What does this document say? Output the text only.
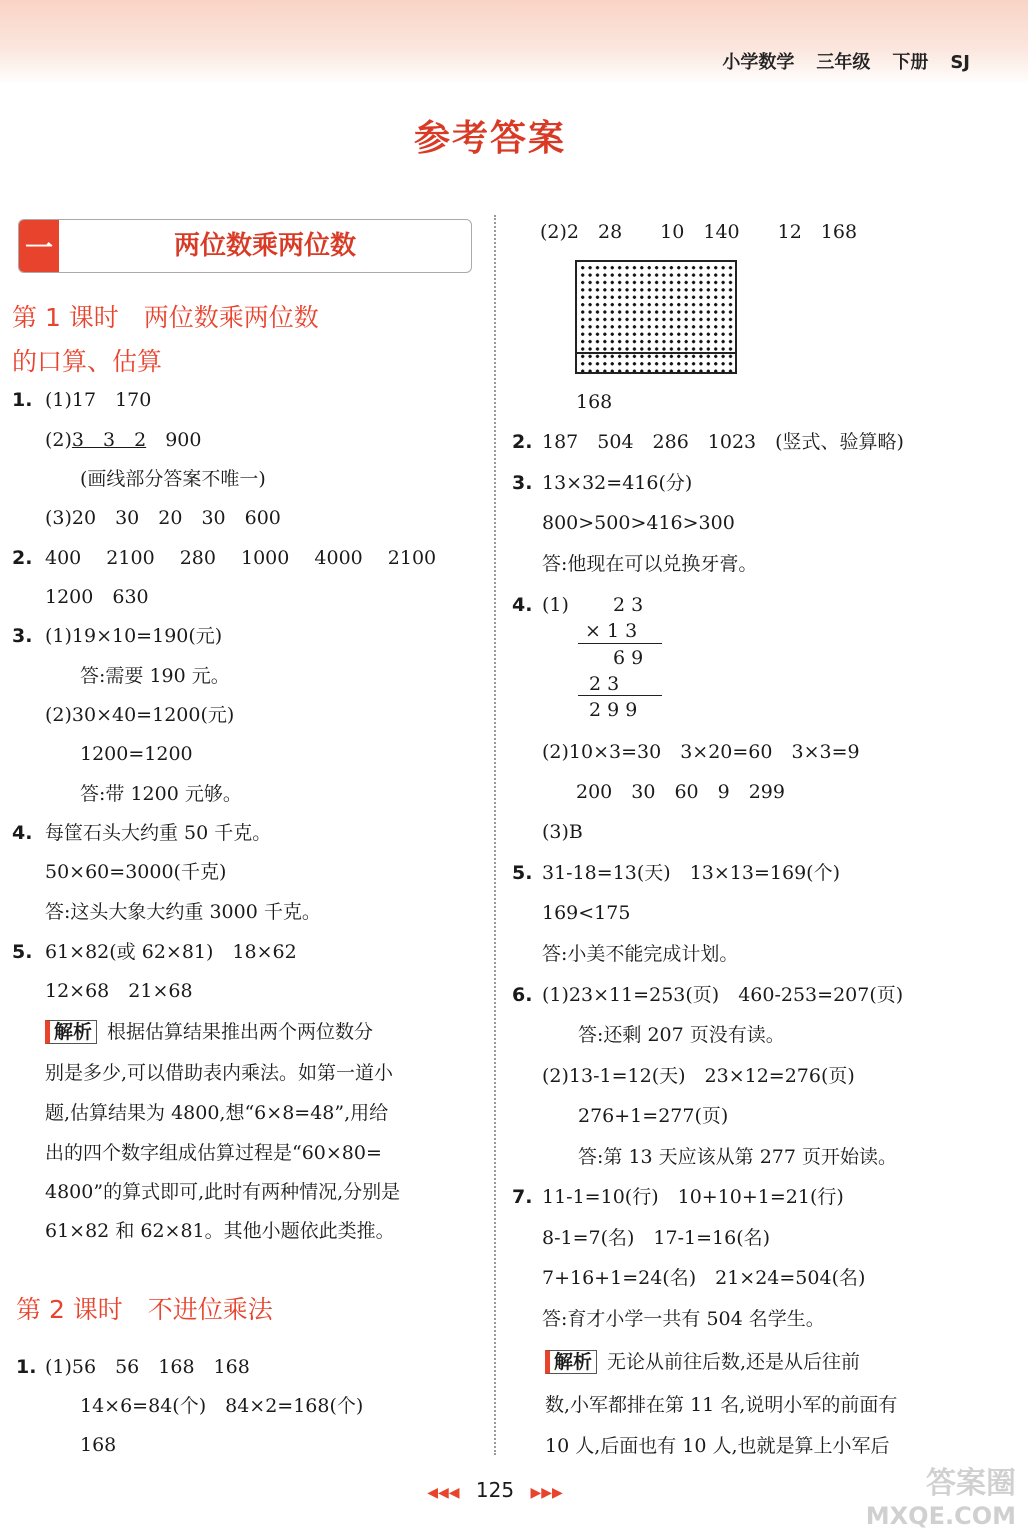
小学数学 三年级 下册 SJ
参考答案
一	两位数乘两位数
第 1 课时　两位数乘两位数
的口算、估算
1. (1)17　170
(2)3　3　2　900
(画线部分答案不唯一)
(3)20　30　20　30　600
2. 400　 2100　 280　 1000　 4000　 2100
1200　630
3. (1)19×10=190(元)
答:需要 190 元。
(2)30×40=1200(元)
1200=1200
答:带 1200 元够。
4. 每筐石头大约重 50 千克。
50×60=3000(千克)
答:这头大象大约重 3000 千克。
5. 61×82(或 62×81)　18×62
12×68　21×68
解析 根据估算结果推出两个两位数分
别是多少,可以借助表内乘法。如第一道小
题,估算结果为 4800,想“6×8=48”,用给
出的四个数字组成估算过程是“60×80=
4800”的算式即可,此时有两种情况,分别是
61×82 和 62×81。其他小题依此类推。
第 2 课时　不进位乘法
1. (1)56　56　168　168
14×6=84(个)　84×2=168(个)
168
(2)2　28　　10　140　　12　168
168
2. 187　504　286　1023　(竖式、验算略)
3. 13×32=416(分)
800>500>416>300
答:他现在可以兑换牙膏。
4. (1) 2 3
× 1 3
6 9
2 3
2 9 9
(2)10×3=30　3×20=60　3×3=9
200　30　60　9　299
(3)B
5. 31-18=13(天)　13×13=169(个)
169<175
答:小美不能完成计划。
6. (1)23×11=253(页)　460-253=207(页)
答:还剩 207 页没有读。
(2)13-1=12(天)　23×12=276(页)
276+1=277(页)
答:第 13 天应该从第 277 页开始读。
7. 11-1=10(行)　10+10+1=21(行)
8-1=7(名)　17-1=16(名)
7+16+1=24(名)　21×24=504(名)
答:育才小学一共有 504 名学生。
解析 无论从前往后数,还是从后往前
数,小军都排在第 11 名,说明小军的前面有
10 人,后面也有 10 人,也就是算上小军后
◀◀◀ 125 ▶▶▶	答案圈
MXQE.COM
